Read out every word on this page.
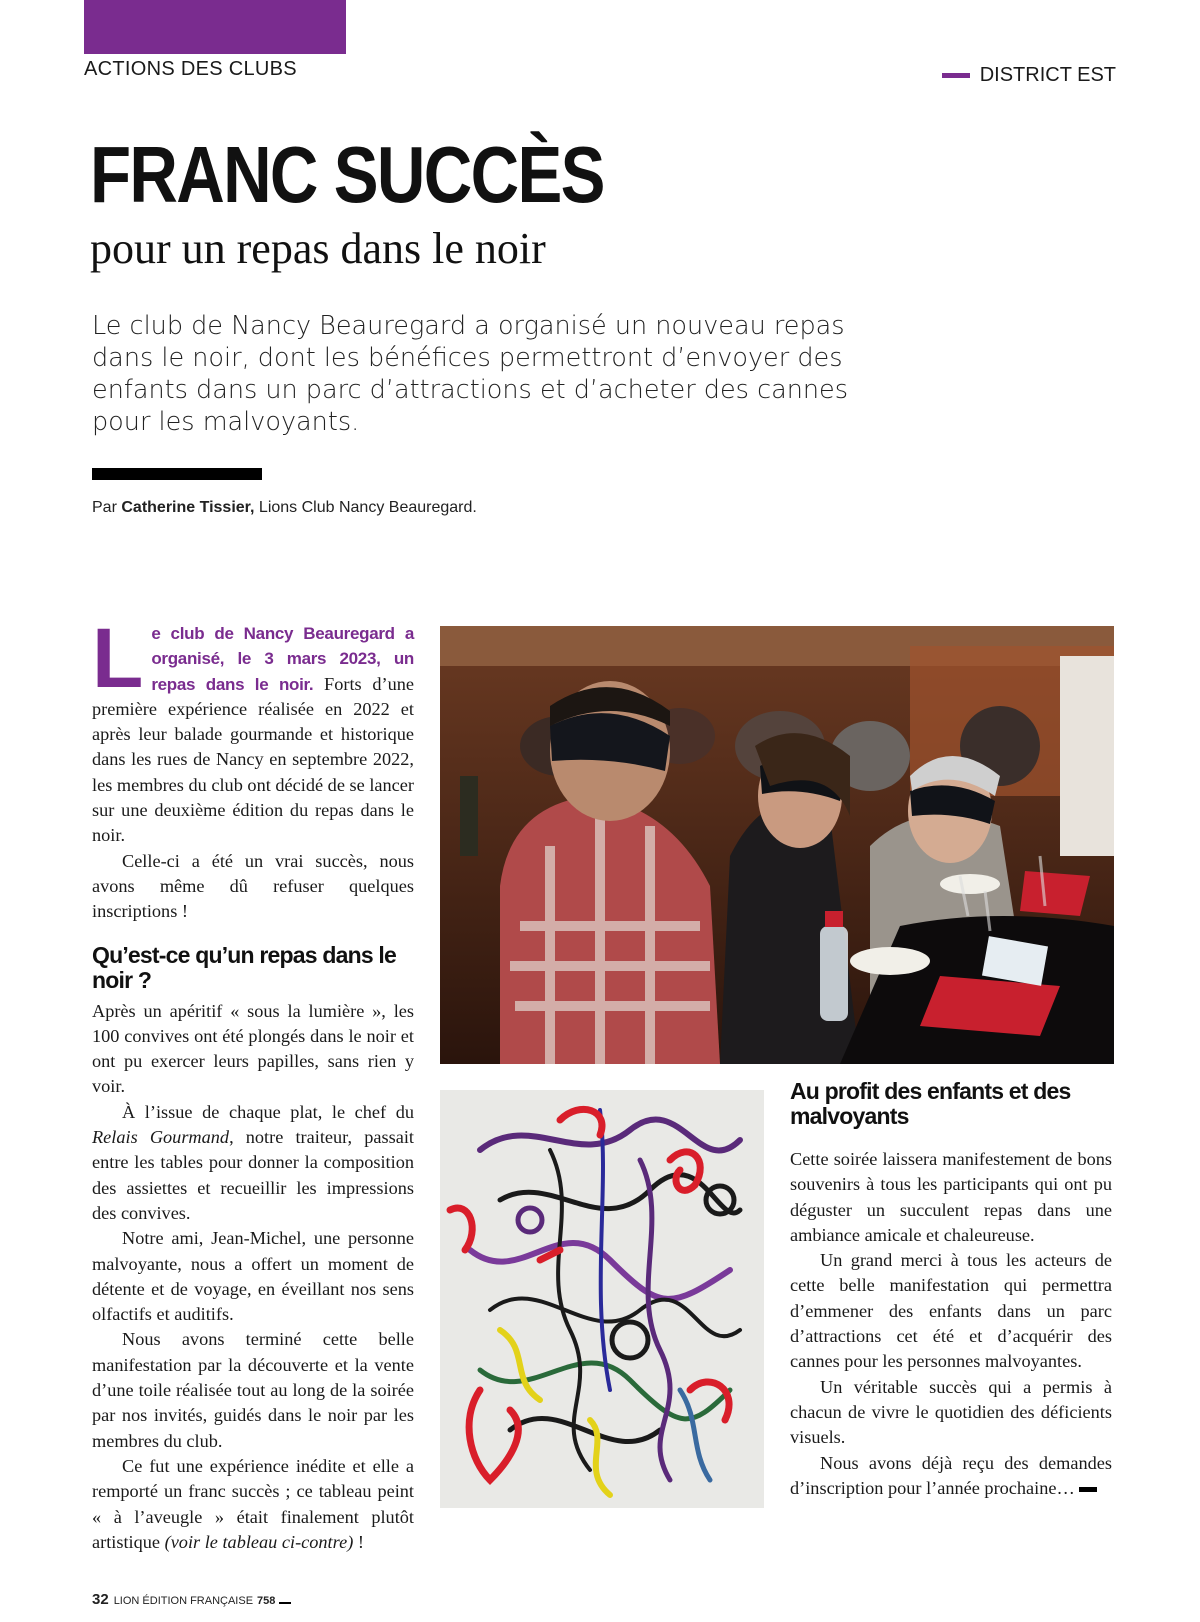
ACTIONS DES CLUBS	DISTRICT EST
FRANC SUCCÈS
pour un repas dans le noir

Le club de Nancy Beauregard a organisé un nouveau repas dans le noir, dont les bénéfices permettront d’envoyer des enfants dans un parc d’attractions et d’acheter des cannes pour les malvoyants.

Par Catherine Tissier, Lions Club Nancy Beauregard.

Le club de Nancy Beauregard a organisé, le 3 mars 2023, un repas dans le noir. Forts d’une première expérience réalisée en 2022 et après leur balade gourmande et historique dans les rues de Nancy en septembre 2022, les membres du club ont décidé de se lancer sur une deuxième édition du repas dans le noir.

Celle-ci a été un vrai succès, nous avons même dû refuser quelques inscriptions !

Qu’est-ce qu’un repas dans le noir ?

Après un apéritif « sous la lumière », les 100 convives ont été plongés dans le noir et ont pu exercer leurs papilles, sans rien y voir.

À l’issue de chaque plat, le chef du Relais Gourmand, notre traiteur, passait entre les tables pour donner la composition des assiettes et recueillir les impressions des convives.

Notre ami, Jean-Michel, une personne malvoyante, nous a offert un moment de détente et de voyage, en éveillant nos sens olfactifs et auditifs.

Nous avons terminé cette belle manifestation par la découverte et la vente d’une toile réalisée tout au long de la soirée par nos invités, guidés dans le noir par les membres du club.

Ce fut une expérience inédite et elle a remporté un franc succès ; ce tableau peint « à l’aveugle » était finalement plutôt artistique (voir le tableau ci-contre) !

Au profit des enfants et des malvoyants

Cette soirée laissera manifestement de bons souvenirs à tous les participants qui ont pu déguster un succulent repas dans une ambiance amicale et chaleureuse.

Un grand merci à tous les acteurs de cette belle manifestation qui permettra d’emmener des enfants dans un parc d’attractions cet été et d’acquérir des cannes pour les personnes malvoyantes.

Un véritable succès qui a permis à chacun de vivre le quotidien des déficients visuels.

Nous avons déjà reçu des demandes d’inscription pour l’année prochaine…

32 LION ÉDITION FRANÇAISE 758
